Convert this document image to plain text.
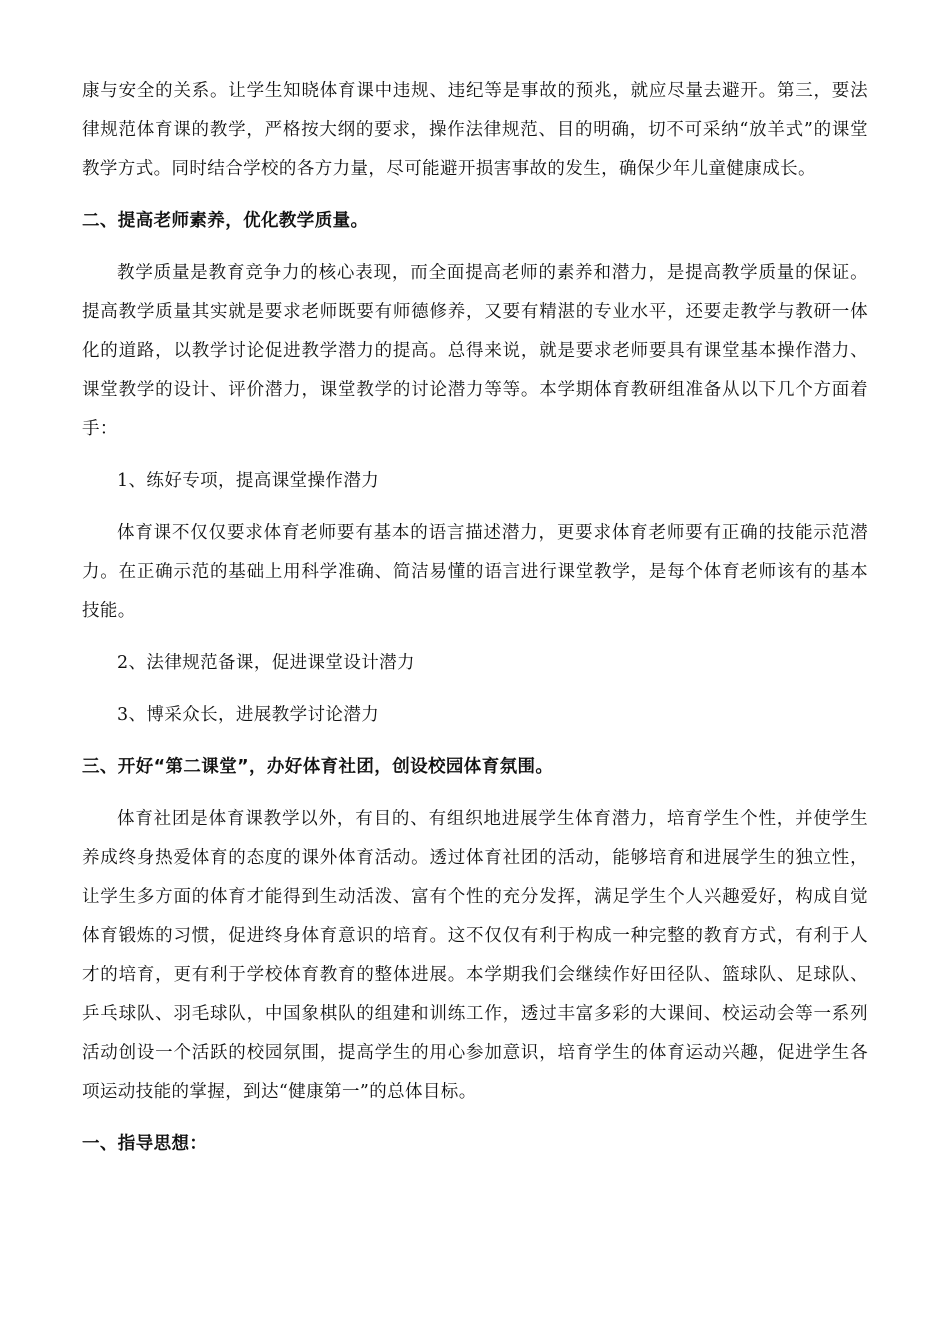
康与安全的关系。让学生知晓体育课中违规、违纪等是事故的预兆，就应尽量去避开。第三，要法律规范体育课的教学，严格按大纲的要求，操作法律规范、目的明确，切不可采纳“放羊式”的课堂教学方式。同时结合学校的各方力量，尽可能避开损害事故的发生，确保少年儿童健康成长。

二、提高老师素养，优化教学质量。

教学质量是教育竞争力的核心表现，而全面提高老师的素养和潜力，是提高教学质量的保证。提高教学质量其实就是要求老师既要有师德修养，又要有精湛的专业水平，还要走教学与教研一体化的道路，以教学讨论促进教学潜力的提高。总得来说，就是要求老师要具有课堂基本操作潜力、课堂教学的设计、评价潜力，课堂教学的讨论潜力等等。本学期体育教研组准备从以下几个方面着手：

1、练好专项，提高课堂操作潜力

体育课不仅仅要求体育老师要有基本的语言描述潜力，更要求体育老师要有正确的技能示范潜力。在正确示范的基础上用科学准确、简洁易懂的语言进行课堂教学，是每个体育老师该有的基本技能。

2、法律规范备课，促进课堂设计潜力

3、博采众长，进展教学讨论潜力

三、开好“第二课堂”，办好体育社团，创设校园体育氛围。

体育社团是体育课教学以外，有目的、有组织地进展学生体育潜力，培育学生个性，并使学生养成终身热爱体育的态度的课外体育活动。透过体育社团的活动，能够培育和进展学生的独立性，让学生多方面的体育才能得到生动活泼、富有个性的充分发挥，满足学生个人兴趣爱好，构成自觉体育锻炼的习惯，促进终身体育意识的培育。这不仅仅有利于构成一种完整的教育方式，有利于人才的培育，更有利于学校体育教育的整体进展。本学期我们会继续作好田径队、篮球队、足球队、乒乓球队、羽毛球队，中国象棋队的组建和训练工作，透过丰富多彩的大课间、校运动会等一系列活动创设一个活跃的校园氛围，提高学生的用心参加意识，培育学生的体育运动兴趣，促进学生各项运动技能的掌握，到达“健康第一”的总体目标。

一、指导思想：
